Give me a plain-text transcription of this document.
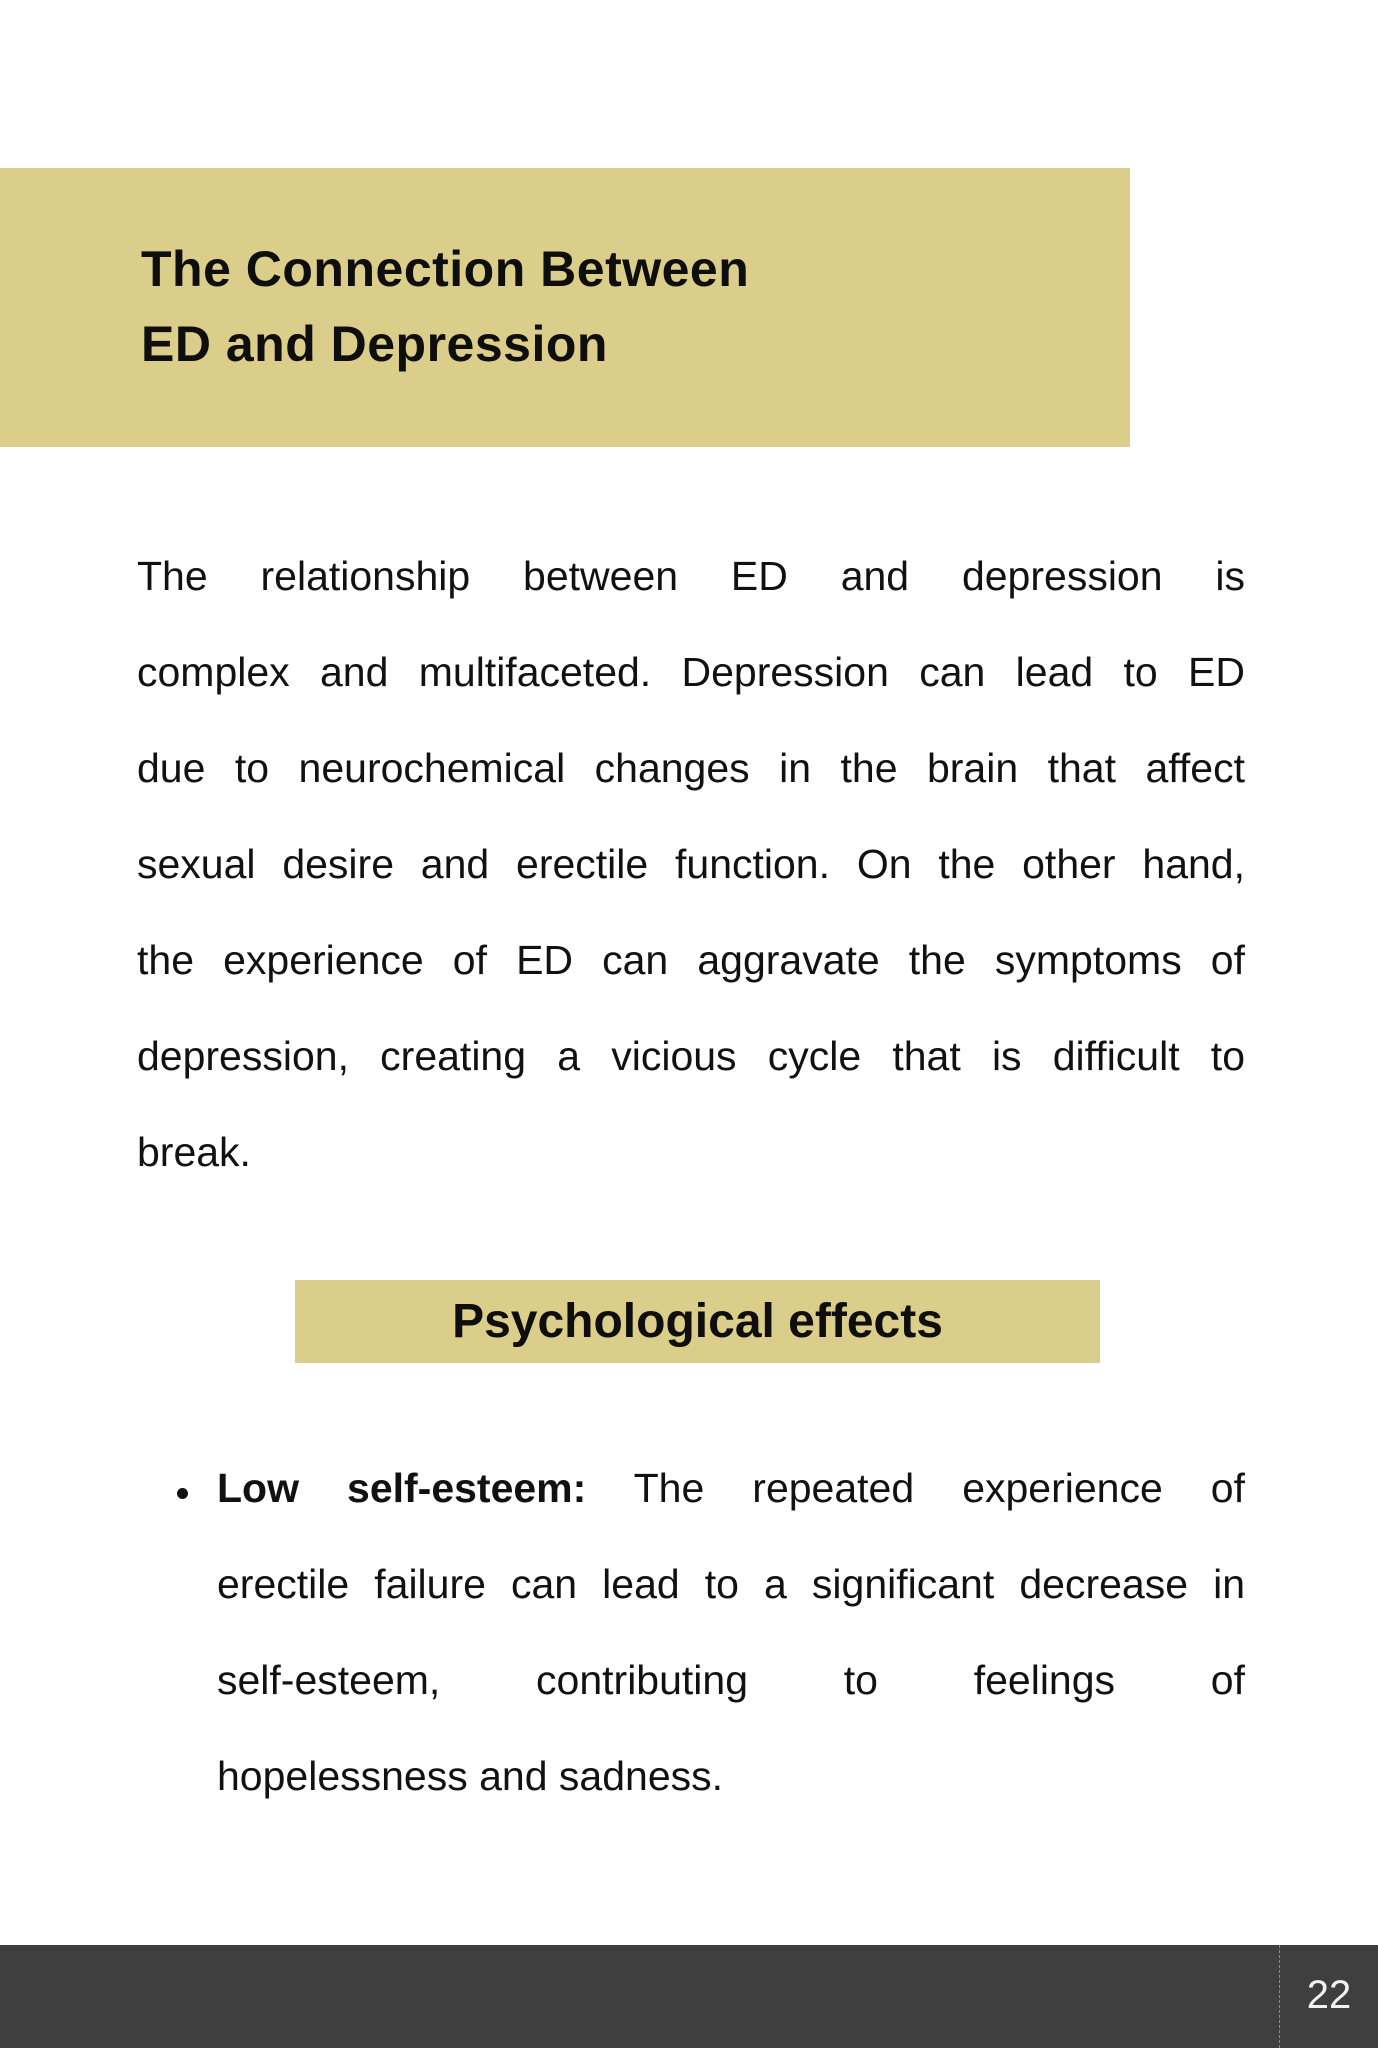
The Connection Between
ED and Depression
The relationship between ED and depression is
complex and multifaceted. Depression can lead to ED
due to neurochemical changes in the brain that affect
sexual desire and erectile function. On the other hand,
the experience of ED can aggravate the symptoms of
depression, creating a vicious cycle that is difficult to
break.
Psychological effects
Low self-esteem: The repeated experience of
erectile failure can lead to a significant decrease in
self-esteem, contributing to feelings of
hopelessness and sadness.
22
